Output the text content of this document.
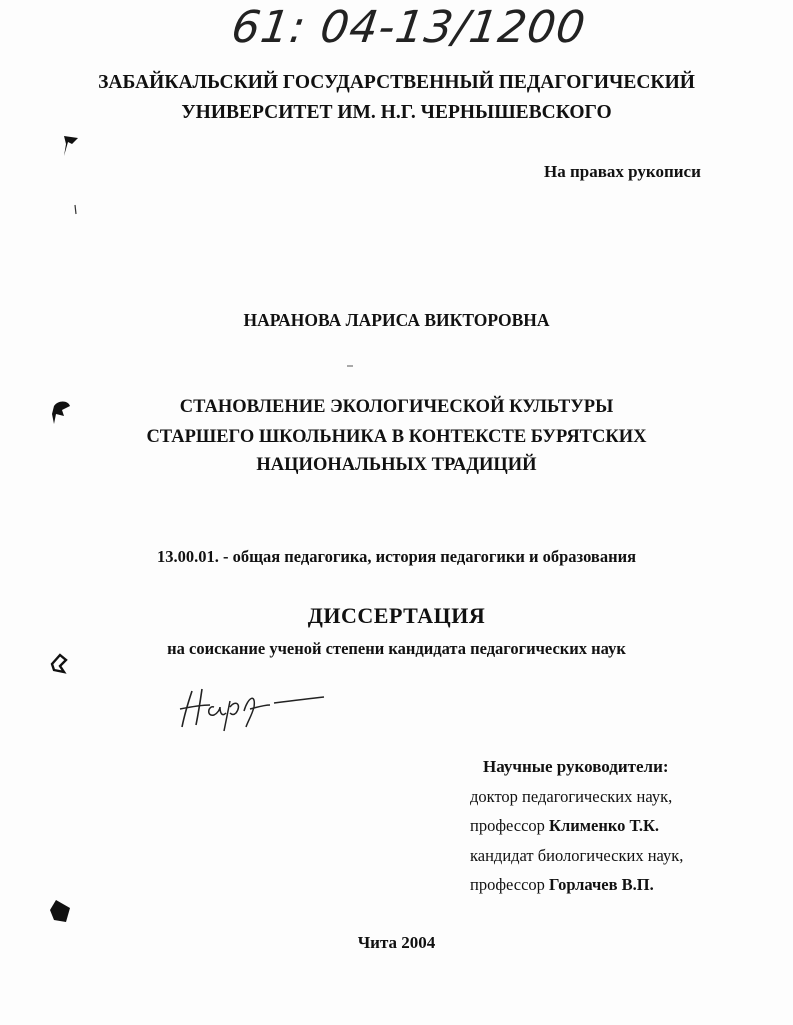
61: 04-13/1200
ЗАБАЙКАЛЬСКИЙ ГОСУДАРСТВЕННЫЙ ПЕДАГОГИЧЕСКИЙ
УНИВЕРСИТЕТ ИМ. Н.Г. ЧЕРНЫШЕВСКОГО
На правах рукописи
НАРАНОВА ЛАРИСА ВИКТОРОВНА
СТАНОВЛЕНИЕ ЭКОЛОГИЧЕСКОЙ КУЛЬТУРЫ
СТАРШЕГО ШКОЛЬНИКА В КОНТЕКСТЕ БУРЯТСКИХ
НАЦИОНАЛЬНЫХ ТРАДИЦИЙ
13.00.01. - общая педагогика, история педагогики и образования
ДИССЕРТАЦИЯ
на соискание ученой степени кандидата педагогических наук
Научные руководители:
доктор педагогических наук,
профессор Клименко Т.К.
кандидат биологических наук,
профессор Горлачев В.П.
Чита 2004
